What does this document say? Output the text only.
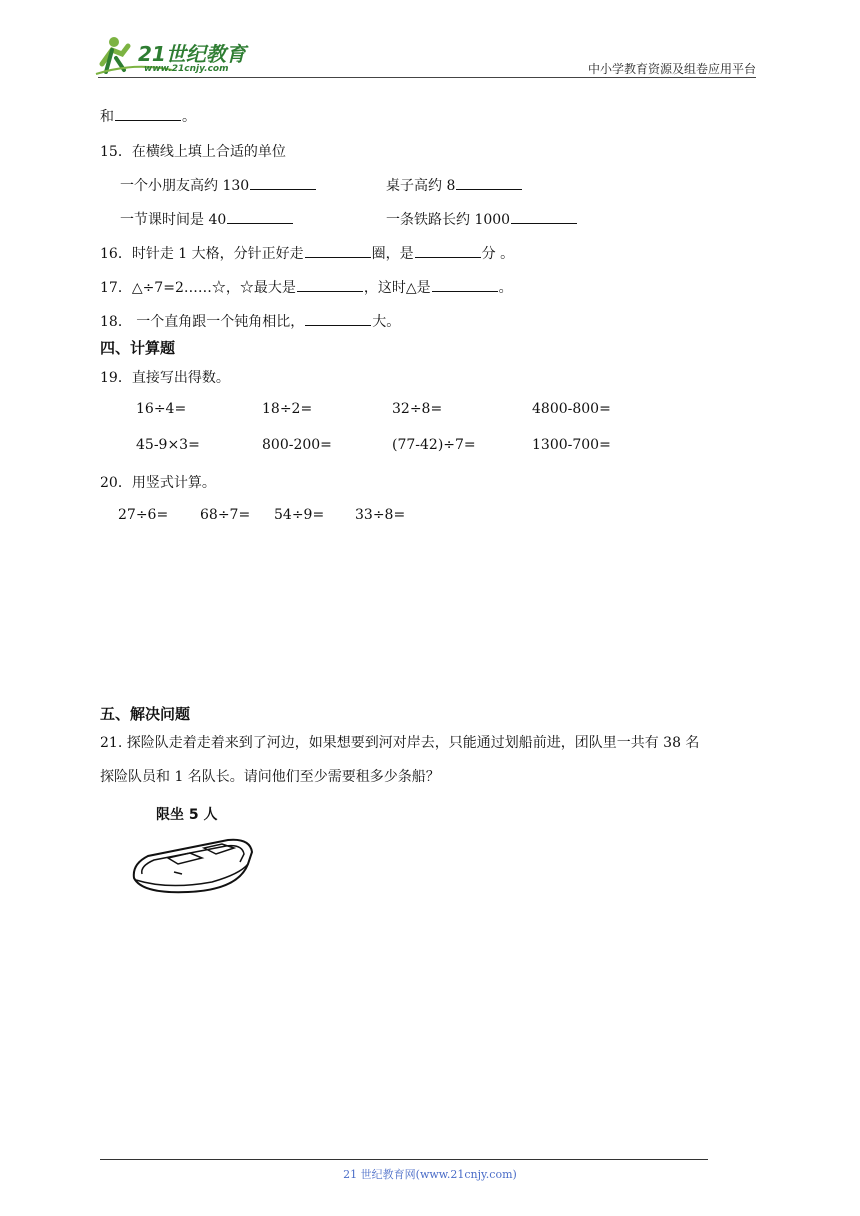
21世纪教育
www.21cnjy.com	中小学教育资源及组卷应用平台
和	。
15．在横线上填上合适的单位
一个小朋友高约 130	桌子高约 8
一节课时间是 40	一条铁路长约 1000
16．时针走 1 大格，分针正好走	圈，是	分 。
17．△÷7=2……☆，☆最大是	，这时△是	。
18． 一个直角跟一个钝角相比，	大。
四、计算题
19．直接写出得数。
16÷4=	18÷2=	32÷8=	4800-800=
45-9×3=	800-200=	(77-42)÷7=	1300-700=
20．用竖式计算。
27÷6= 68÷7= 54÷9= 33÷8=
五、解决问题
21. 探险队走着走着来到了河边，如果想要到河对岸去，只能通过划船前进，团队里一共有 38 名
探险队员和 1 名队长。请问他们至少需要租多少条船？
限坐 5 人
21 世纪教育网(www.21cnjy.com)
